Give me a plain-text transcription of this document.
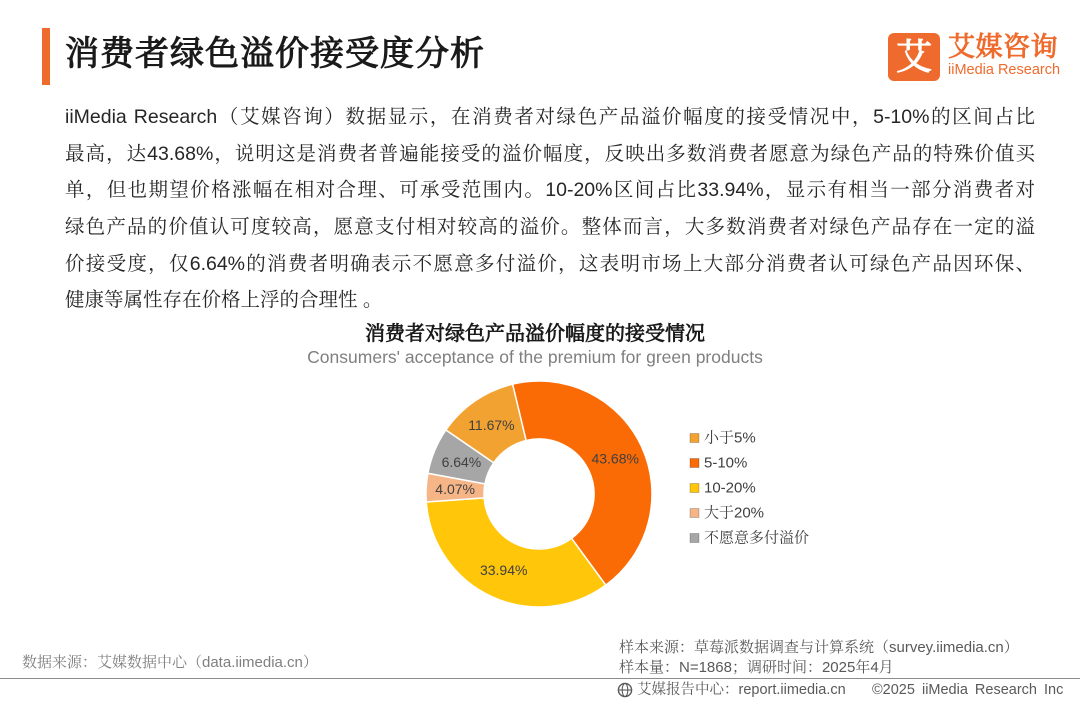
消费者绿色溢价接受度分析	艾 艾媒咨询
iiMedia Research
iiMedia Research（艾媒咨询）数据显示，在消费者对绿色产品溢价幅度的接受情况中，5-10%的区间占比
最高，达43.68%，说明这是消费者普遍能接受的溢价幅度，反映出多数消费者愿意为绿色产品的特殊价值买
单，但也期望价格涨幅在相对合理、可承受范围内。10-20%区间占比33.94%，显示有相当一部分消费者对
绿色产品的价值认可度较高，愿意支付相对较高的溢价。整体而言，大多数消费者对绿色产品存在一定的溢
价接受度，仅6.64%的消费者明确表示不愿意多付溢价，这表明市场上大部分消费者认可绿色产品因环保、
健康等属性存在价格上浮的合理性 。
消费者对绿色产品溢价幅度的接受情况
Consumers' acceptance of the premium for green products
11.67%
43.68%
33.94%
4.07%
6.64%
小于5%
5-10%
10-20%
大于20%
不愿意多付溢价
数据来源：艾媒数据中心（data.iimedia.cn）
样本来源：草莓派数据调查与计算系统（survey.iimedia.cn）
样本量：N=1868；调研时间：2025年4月
艾媒报告中心：report.iimedia.cn ©2025 iiMedia Research Inc
